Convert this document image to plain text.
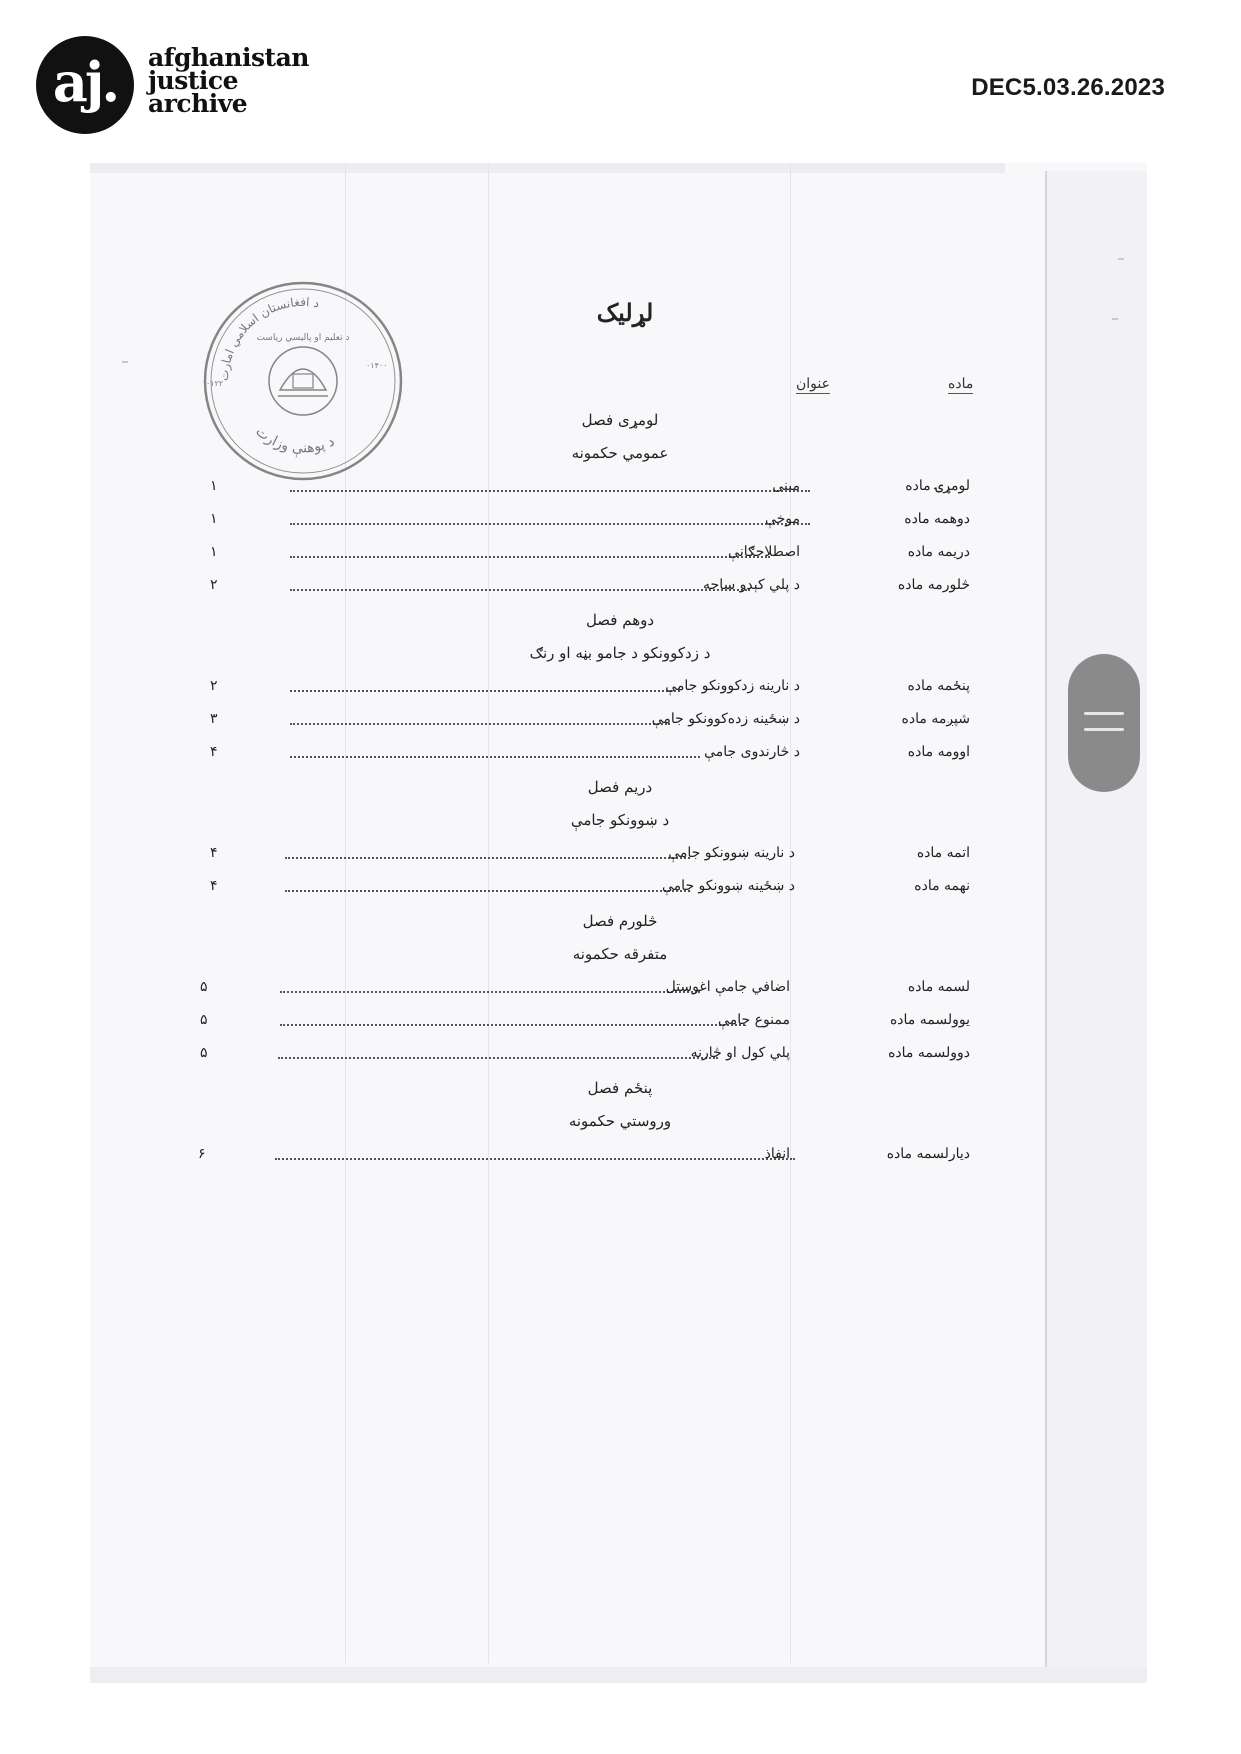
aj. afghanistan
justice
archive
DEC5.03.26.2023
د افغانستان اسلامي امارت
د تعلیم او پالیسي ریاست
د پوهنې وزارت
۰۱۲۲
۰۱۴۰۰
لړلیک
ماده
عنوان
لومړی فصل
عمومي حکمونه
۱	مبنی	لومړۍ ماده
۱	موخې	دوهمه ماده
۱	اصطلاحګانې	دریمه ماده
۲	د پلي کېدو ساحه	څلورمه ماده
دوهم فصل
د زدکوونکو د جامو بڼه او رنګ
۲	د نارینه زدکوونکو جامې	پنځمه ماده
۳	د ښځینه زده‌کوونکو جامې	شپږمه ماده
۴	د څارندوی جامې	اوومه ماده
دریم فصل
د ښوونکو جامې
۴	د نارینه ښوونکو جامې	اتمه ماده
۴	د ښځینه ښوونکو جامې	نهمه ماده
څلورم فصل
متفرقه حکمونه
۵	اضافي جامې اغوستل	لسمه ماده
۵	ممنوع جامې	یوولسمه ماده
۵	پلي کول او څارنه	دوولسمه ماده
پنځم فصل
وروستي حکمونه
۶	انفاذ	دیارلسمه ماده
